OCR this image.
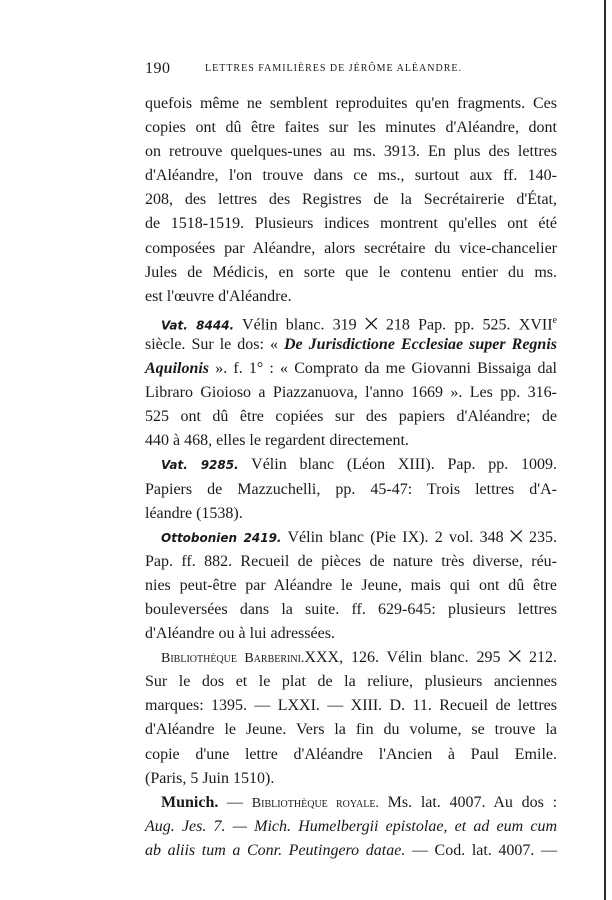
190	LETTRES FAMILIÈRES DE JÉRÔME ALÉANDRE.
quefois même ne semblent reproduites qu'en fragments. Ces
copies ont dû être faites sur les minutes d'Aléandre, dont
on retrouve quelques-unes au ms. 3913. En plus des lettres
d'Aléandre, l'on trouve dans ce ms., surtout aux ff. 140-
208, des lettres des Registres de la Secrétairerie d'État,
de 1518-1519. Plusieurs indices montrent qu'elles ont été
composées par Aléandre, alors secrétaire du vice-chancelier
Jules de Médicis, en sorte que le contenu entier du ms.
est l'œuvre d'Aléandre.
Vat. 8444. Vélin blanc. 319 ⨉ 218 Pap. pp. 525. XVIIe
siècle. Sur le dos: « De Jurisdictione Ecclesiae super Regnis
Aquilonis ». f. 1° : « Comprato da me Giovanni Bissaiga dal
Libraro Gioioso a Piazzanuova, l'anno 1669 ». Les pp. 316-
525 ont dû être copiées sur des papiers d'Aléandre; de
440 à 468, elles le regardent directement.
Vat. 9285. Vélin blanc (Léon XIII). Pap. pp. 1009.
Papiers de Mazzuchelli, pp. 45-47: Trois lettres d'A-
léandre (1538).
Ottobonien 2419. Vélin blanc (Pie IX). 2 vol. 348 ⨉ 235.
Pap. ff. 882. Recueil de pièces de nature très diverse, réu-
nies peut-être par Aléandre le Jeune, mais qui ont dû être
bouleversées dans la suite. ff. 629-645: plusieurs lettres
d'Aléandre ou à lui adressées.
Bibliothèque Barberini.XXX, 126. Vélin blanc. 295 ⨉ 212.
Sur le dos et le plat de la reliure, plusieurs anciennes
marques: 1395. — LXXI. — XIII. D. 11. Recueil de lettres
d'Aléandre le Jeune. Vers la fin du volume, se trouve la
copie d'une lettre d'Aléandre l'Ancien à Paul Emile.
(Paris, 5 Juin 1510).
Munich. — Bibliothèque royale. Ms. lat. 4007. Au dos :
Aug. Jes. 7. — Mich. Humelbergii epistolae, et ad eum cum
ab aliis tum a Conr. Peutingero datae. — Cod. lat. 4007. —
